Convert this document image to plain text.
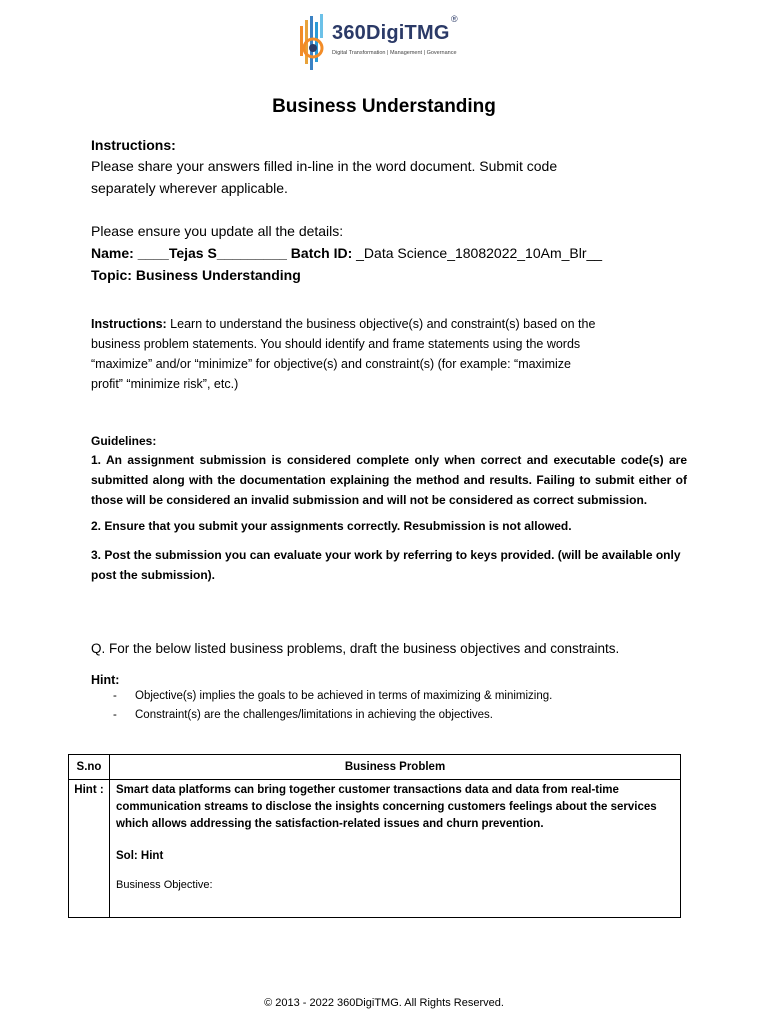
360DigiTMG
®
Digital Transformation | Management | Governance
Business Understanding
Instructions:
Please share your answers filled in-line in the word document. Submit code
separately wherever applicable.
Please ensure you update all the details:
Name: ____Tejas S_________ Batch ID: _Data Science_18082022_10Am_Blr__
Topic: Business Understanding
Instructions: Learn to understand the business objective(s) and constraint(s) based on the
business problem statements. You should identify and frame statements using the words
“maximize” and/or “minimize” for objective(s) and constraint(s) (for example: “maximize
profit” “minimize risk”, etc.)
Guidelines:
1. An assignment submission is considered complete only when correct and executable code(s) are submitted along with the documentation explaining the method and results. Failing to submit either of those will be considered an invalid submission and will not be considered as correct submission.
2. Ensure that you submit your assignments correctly. Resubmission is not allowed.
3. Post the submission you can evaluate your work by referring to keys provided. (will be available only post the submission).
Q. For the below listed business problems, draft the business objectives and constraints.
Hint:
- Objective(s) implies the goals to be achieved in terms of maximizing & minimizing.
- Constraint(s) are the challenges/limitations in achieving the objectives.
S.no	Business Problem
Hint :	Smart data platforms can bring together customer transactions data and data from real-time communication streams to disclose the insights concerning customers feelings about the services which allows addressing the satisfaction-related issues and churn prevention.
Sol: Hint
Business Objective:
© 2013 - 2022 360DigiTMG. All Rights Reserved.
